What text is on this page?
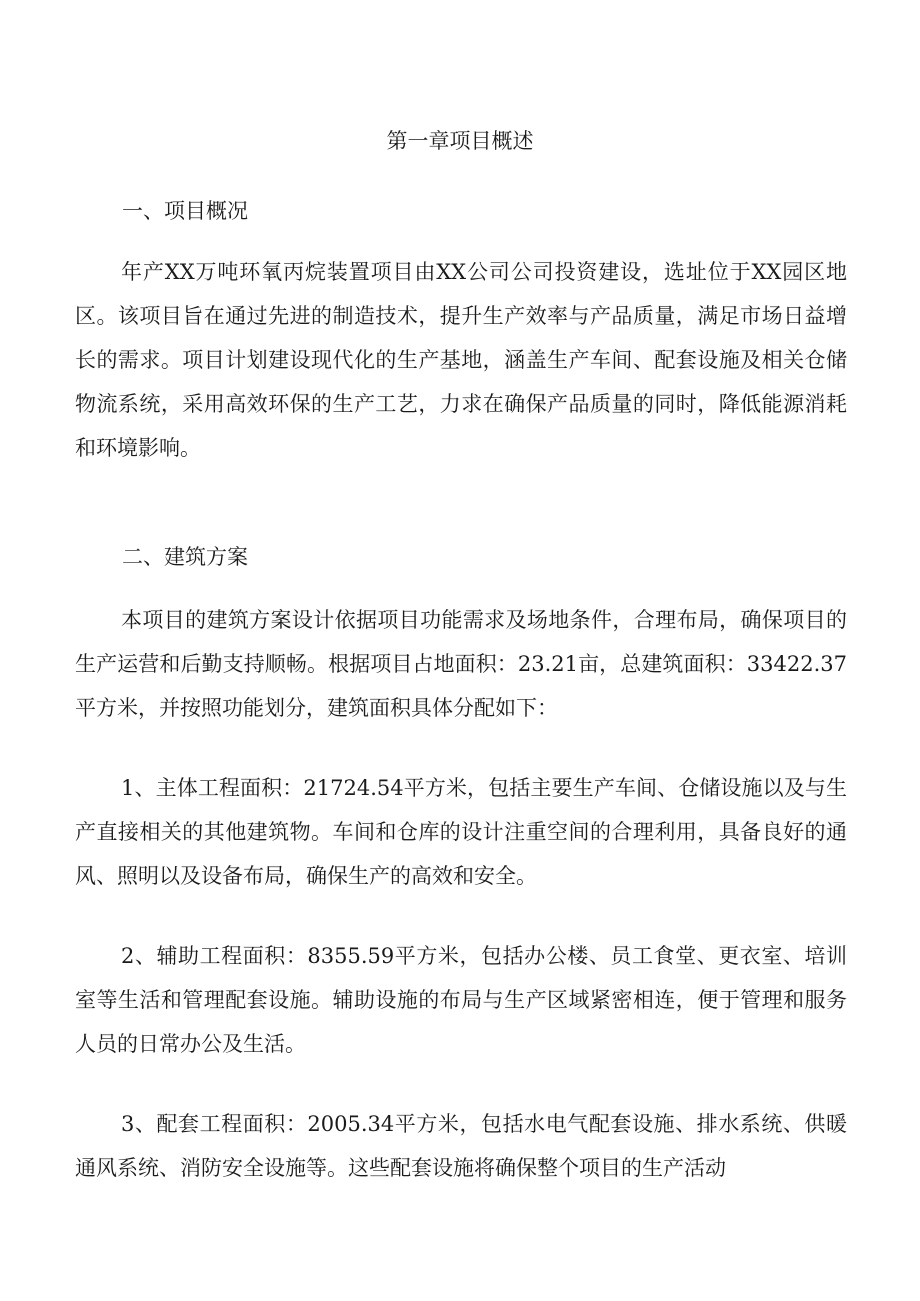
第一章项目概述
一、项目概况

年产XX万吨环氧丙烷装置项目由XX公司公司投资建设，选址位于XX园区地区。该项目旨在通过先进的制造技术，提升生产效率与产品质量，满足市场日益增长的需求。项目计划建设现代化的生产基地，涵盖生产车间、配套设施及相关仓储物流系统，采用高效环保的生产工艺，力求在确保产品质量的同时，降低能源消耗和环境影响。

二、建筑方案

本项目的建筑方案设计依据项目功能需求及场地条件，合理布局，确保项目的生产运营和后勤支持顺畅。根据项目占地面积：23.21亩，总建筑面积：33422.37平方米，并按照功能划分，建筑面积具体分配如下：

1、主体工程面积：21724.54平方米，包括主要生产车间、仓储设施以及与生产直接相关的其他建筑物。车间和仓库的设计注重空间的合理利用，具备良好的通风、照明以及设备布局，确保生产的高效和安全。

2、辅助工程面积：8355.59平方米，包括办公楼、员工食堂、更衣室、培训室等生活和管理配套设施。辅助设施的布局与生产区域紧密相连，便于管理和服务人员的日常办公及生活。

3、配套工程面积：2005.34平方米，包括水电气配套设施、排水系统、供暖通风系统、消防安全设施等。这些配套设施将确保整个项目的生产活动
